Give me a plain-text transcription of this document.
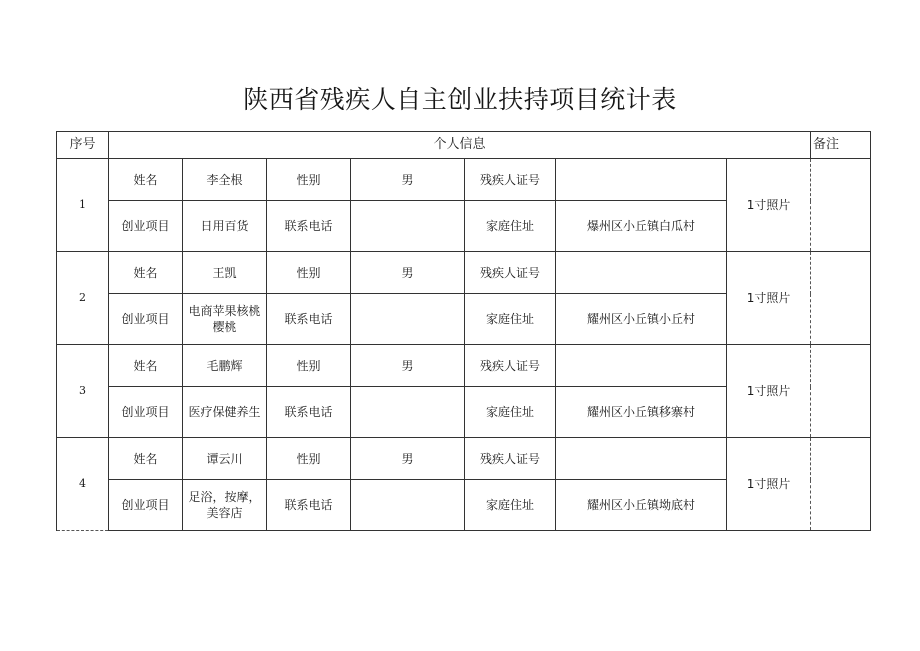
陕西省残疾人自主创业扶持项目统计表
序号	个人信息							备注
1	姓名	李全根	性别	男	残疾人证号		1寸照片	
	创业项目	日用百货	联系电话		家庭住址	爆州区小丘镇白瓜村		
2	姓名	王凯	性别	男	残疾人证号		1寸照片	
	创业项目	电商苹果核桃樱桃	联系电话		家庭住址	耀州区小丘镇小丘村		
3	姓名	毛鹏辉	性别	男	残疾人证号		1寸照片	
	创业项目	医疗保健养生	联系电话		家庭住址	耀州区小丘镇移寨村		
4	姓名	谭云川	性别	男	残疾人证号		1寸照片	
	创业项目	足浴，按摩，美容店	联系电话		家庭住址	耀州区小丘镇坳底村		
